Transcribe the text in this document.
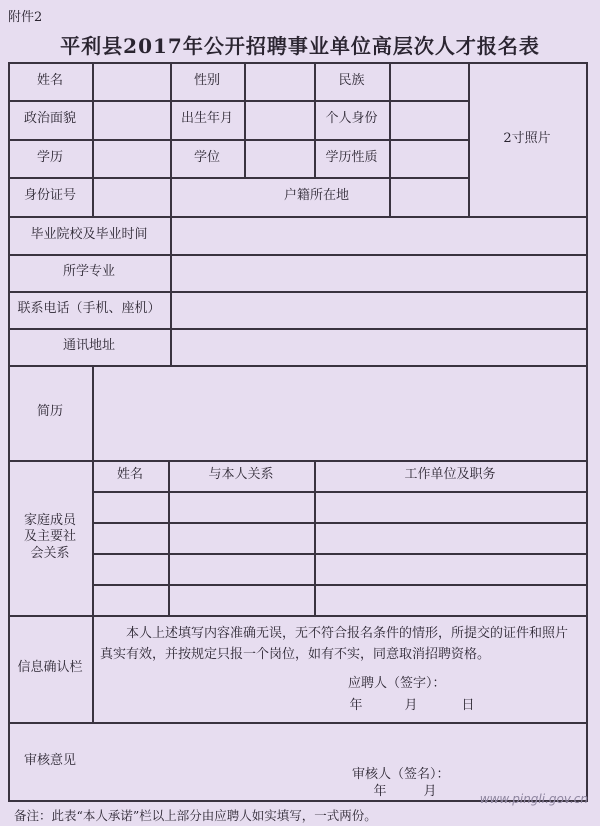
附件2
平利县2017年公开招聘事业单位高层次人才报名表
姓名	性别	民族
政治面貌	出生年月	个人身份
学历	学位	学历性质
2寸照片
身份证号	户籍所在地
毕业院校及毕业时间
所学专业
联系电话（手机、座机）
通讯地址
简历
家庭成员及主要社会关系
姓名	与本人关系	工作单位及职务
信息确认栏
本人上述填写内容准确无误，无不符合报名条件的情形，所提交的证件和照片真实有效，并按规定只报一个岗位，如有不实，同意取消招聘资格。
应聘人（签字）：
年	月	日
审核意见
审核人（签名）：
年	月	www.pingli.gov.cn
备注：此表“本人承诺”栏以上部分由应聘人如实填写，一式两份。
